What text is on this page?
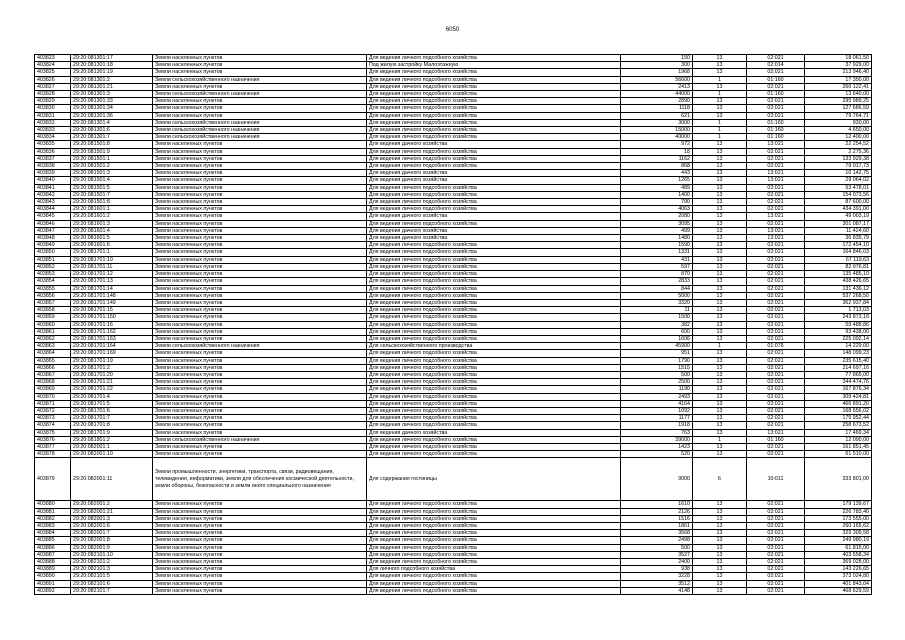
6050
403823	29:20:081301:17	Земли населенных пунктов	Для ведения личного подсобного хозяйства	150	13	02:021	18 061,50
403824	29:20:081301:18	Земли населенных пунктов	Под жилую застройку Малоэтажную	300	13	02:014	37 929,00
403825	29:20:081301:19	Земли населенных пунктов	Для ведения личного подсобного хозяйства	1968	13	02:021	213 946,40
403826	29:20:081301:2	Земли сельскохозяйственного назначения	Для ведения личного подсобного хозяйства	56600	1	01:160	17 350,00
403827	29:20:081301:21	Земли населенных пунктов	Для ведения личного подсобного хозяйства	2413	13	02:021	260 122,41
403828	29:20:081301:3	Земли сельскохозяйственного назначения	Для ведения личного подсобного хозяйства	44000	1	01:160	13 640,00
403829	29:20:081301:33	Земли населенных пунктов	Для ведения личного подсобного хозяйства	2890	13	02:021	295 989,25
403830	29:20:081301:34	Земли населенных пунктов	Для ведения личного подсобного хозяйства	1118	13	02:021	127 686,59
403831	29:20:081301:36	Земли населенных пунктов	Для ведения личного подсобного хозяйства	621	13	02:021	79 764,71
403832	29:20:081301:4	Земли сельскохозяйственного назначения	Для ведения личного подсобного хозяйства	3000	1	01:160	930,00
403833	29:20:081301:6	Земли сельскохозяйственного назначения	Для ведения личного подсобного хозяйства	15000	1	01:160	4 650,00
403834	29:20:081301:7	Земли сельскохозяйственного назначения	Для ведения личного подсобного хозяйства	40000	1	01:160	12 400,00
403835	29:20:081501:8	Земли населенных пунктов	Для ведения дачного хозяйства	972	13	13:021	22 254,52
403836	29:20:081501:9	Земли населенных пунктов	Для ведения личного подсобного хозяйства	18	13	02:021	2 275,36
403837	29:20:081501:1	Земли населенных пунктов	Для ведения личного подсобного хозяйства	1162	13	02:021	133 929,38
403838	29:20:081501:2	Земли населенных пунктов	Для ведения личного подсобного хозяйства	868	13	02:021	79 017,73
403839	29:20:081501:3	Земли населенных пунктов	Для ведения дачного хозяйства	443	13	13:021	10 142,75
403840	29:20:081501:4	Земли населенных пунктов	Для ведения дачного хозяйства	1265	13	13:021	29 064,02
403841	29:20:081501:5	Земли населенных пунктов	Для ведения личного подсобного хозяйства	489	13	02:021	53 478,01
403842	29:20:081501:7	Земли населенных пунктов	Для ведения личного подсобного хозяйства	1400	13	02:021	154 073,56
403843	29:20:081501:8	Земли населенных пунктов	Для ведения личного подсобного хозяйства	700	13	02:021	87 600,00
403844	29:20:081601:1	Земли населенных пунктов	Для ведения личного подсобного хозяйства	4063	13	02:021	434 391,00
403845	29:20:081601:2	Земли населенных пунктов	Для ведения дачного хозяйства	2080	13	13:021	49 003,19
403846	29:20:081601:3	Земли населенных пунктов	Для ведения личного подсобного хозяйства	3095	13	02:021	301 087,17
403847	29:20:081601:4	Земли населенных пунктов	Для ведения дачного хозяйства	499	13	13:021	11 424,60
403848	29:20:081601:5	Земли населенных пунктов	Для ведения дачного хозяйства	1480	13	13:021	36 835,79
403849	29:20:081601:6	Земли населенных пунктов	Для ведения личного подсобного хозяйства	1590	13	02:021	172 454,10
403850	29:20:081701:1	Земли населенных пунктов	Для ведения личного подсобного хозяйства	1331	13	02:021	164 846,03
403851	29:20:081701:10	Земли населенных пунктов	Для ведения личного подсобного хозяйства	431	13	02:021	67 119,63
403852	29:20:081701:11	Земли населенных пунктов	Для ведения личного подсобного хозяйства	597	13	02:021	82 976,81
403853	29:20:081701:12	Земли населенных пунктов	Для ведения личного подсобного хозяйства	870	13	02:021	135 485,10
403854	29:20:081701:13	Земли населенных пунктов	Для ведения личного подсобного хозяйства	2833	13	02:021	438 426,65
403855	29:20:081701:14	Земли населенных пунктов	Для ведения личного подсобного хозяйства	844	13	02:021	131 436,12
403856	29:20:081701:148	Земли населенных пунктов	Для ведения личного подсобного хозяйства	5000	13	02:021	537 268,50
403857	29:20:081701:149	Земли населенных пунктов	Для ведения личного подсобного хозяйства	3320	13	02:021	362 937,84
403858	29:20:081701:15	Земли населенных пунктов	Для ведения личного подсобного хозяйства	11	13	02:021	1 713,03
403859	29:20:081701:150	Земли населенных пунктов	Для ведения личного подсобного хозяйства	1500	13	02:021	243 873,18
403860	29:20:081701:16	Земли населенных пунктов	Для ведения личного подсобного хозяйства	382	13	02:021	59 488,86
403861	29:20:081701:162	Земли населенных пунктов	Для ведения личного подсобного хозяйства	600	13	02:021	93 438,00
403862	29:20:081701:163	Земли населенных пунктов	Для ведения личного подсобного хозяйства	1606	13	02:021	225 092,14
403863	29:20:081701:164	Земли сельскохозяйственного назначения	Для сельскохозяйственного производства	45900	1	01:076	14 229,00
403864	29:20:081701:169	Земли населенных пунктов	Для ведения личного подсобного хозяйства	951	13	02:021	148 099,23
403865	29:20:081701:19	Земли населенных пунктов	Для ведения личного подсобного хозяйства	1790	13	02:021	235 615,40
403866	29:20:081701:2	Земли населенных пунктов	Для ведения личного подсобного хозяйства	1515	13	02:021	214 697,16
403867	29:20:081701:20	Земли населенных пунктов	Для ведения личного подсобного хозяйства	500	13	02:021	77 865,00
403868	29:20:081701:21	Земли населенных пунктов	Для ведения личного подсобного хозяйства	2500	13	02:021	344 474,76
403869	29:20:081701:22	Земли населенных пунктов	Для ведения личного подсобного хозяйства	1190	13	02:021	167 876,34
403870	29:20:081701:4	Земли населенных пунктов	Для ведения личного подсобного хозяйства	2493	13	02:021	309 424,81
403871	29:20:081701:5	Земли населенных пунктов	Для ведения личного подсобного хозяйства	4164	13	02:021	466 891,20
403872	29:20:081701:6	Земли населенных пунктов	Для ведения личного подсобного хозяйства	1092	13	02:021	168 656,02
403873	29:20:081701:7	Земли населенных пунктов	Для ведения личного подсобного хозяйства	1177	13	02:021	175 952,44
403874	29:20:081701:8	Земли населенных пунктов	Для ведения личного подсобного хозяйства	1918	13	02:021	258 673,52
403875	29:20:081701:9	Земли населенных пунктов	Для ведения дачного хозяйства	763	13	13:021	17 469,34
403876	29:20:081801:2	Земли сельскохозяйственного назначения	Для ведения личного подсобного хозяйства	39000	1	01:160	12 090,00
403877	29:20:082001:1	Земли населенных пунктов	Для ведения личного подсобного хозяйства	1423	13	02:021	161 851,45
403878	29:20:082001:10	Земли населенных пунктов	Для ведения личного подсобного хозяйства	520	13	02:021	61 510,00
403879	29:20:082001:11	Земли промышленности, энергетики, транспорта, связи, радиовещания, телевидения, информатики, земли для обеспечения космической деятельности, земли обороны, безопасности и земли иного специального назначения	Для содержания гостиницы	9000	6	10:011	333 801,00
403880	29:20:082001:2	Земли населенных пунктов	Для ведения личного подсобного хозяйства	1610	13	02:021	179 139,67
403881	29:20:082001:21	Земли населенных пунктов	Для ведения личного подсобного хозяйства	2126	13	02:021	226 783,40
403882	29:20:082001:3	Земли населенных пунктов	Для ведения личного подсобного хозяйства	1516	13	02:021	173 555,00
403883	29:20:082001:6	Земли населенных пунктов	Для ведения личного подсобного хозяйства	1861	13	02:021	260 165,62
403884	29:20:082001:7	Земли населенных пунктов	Для ведения личного подсобного хозяйства	3568	13	02:021	329 309,58
403885	29:20:082001:8	Земли населенных пунктов	Для ведения личного подсобного хозяйства	2498	13	02:021	249 980,19
403886	29:20:082001:9	Земли населенных пунктов	Для ведения личного подсобного хозяйства	500	13	02:021	61 815,00
403887	29:20:082101:10	Земли населенных пунктов	Для ведения личного подсобного хозяйства	3527	13	02:021	403 558,34
403888	29:20:082101:2	Земли населенных пунктов	Для ведения личного подсобного хозяйства	2400	13	02:021	369 028,00
403889	29:20:082101:3	Земли населенных пунктов	Для личного подсобного хозяйства	938	13	02:021	143 226,65
403890	29:20:082101:5	Земли населенных пунктов	Для ведения личного подсобного хозяйства	3228	13	02:021	373 024,80
403891	29:20:082101:6	Земли населенных пунктов	Для ведения личного подсобного хозяйства	3512	13	02:021	401 843,04
403892	29:20:082101:7	Земли населенных пунктов	Для ведения личного подсобного хозяйства	4148	13	02:021	468 629,59
